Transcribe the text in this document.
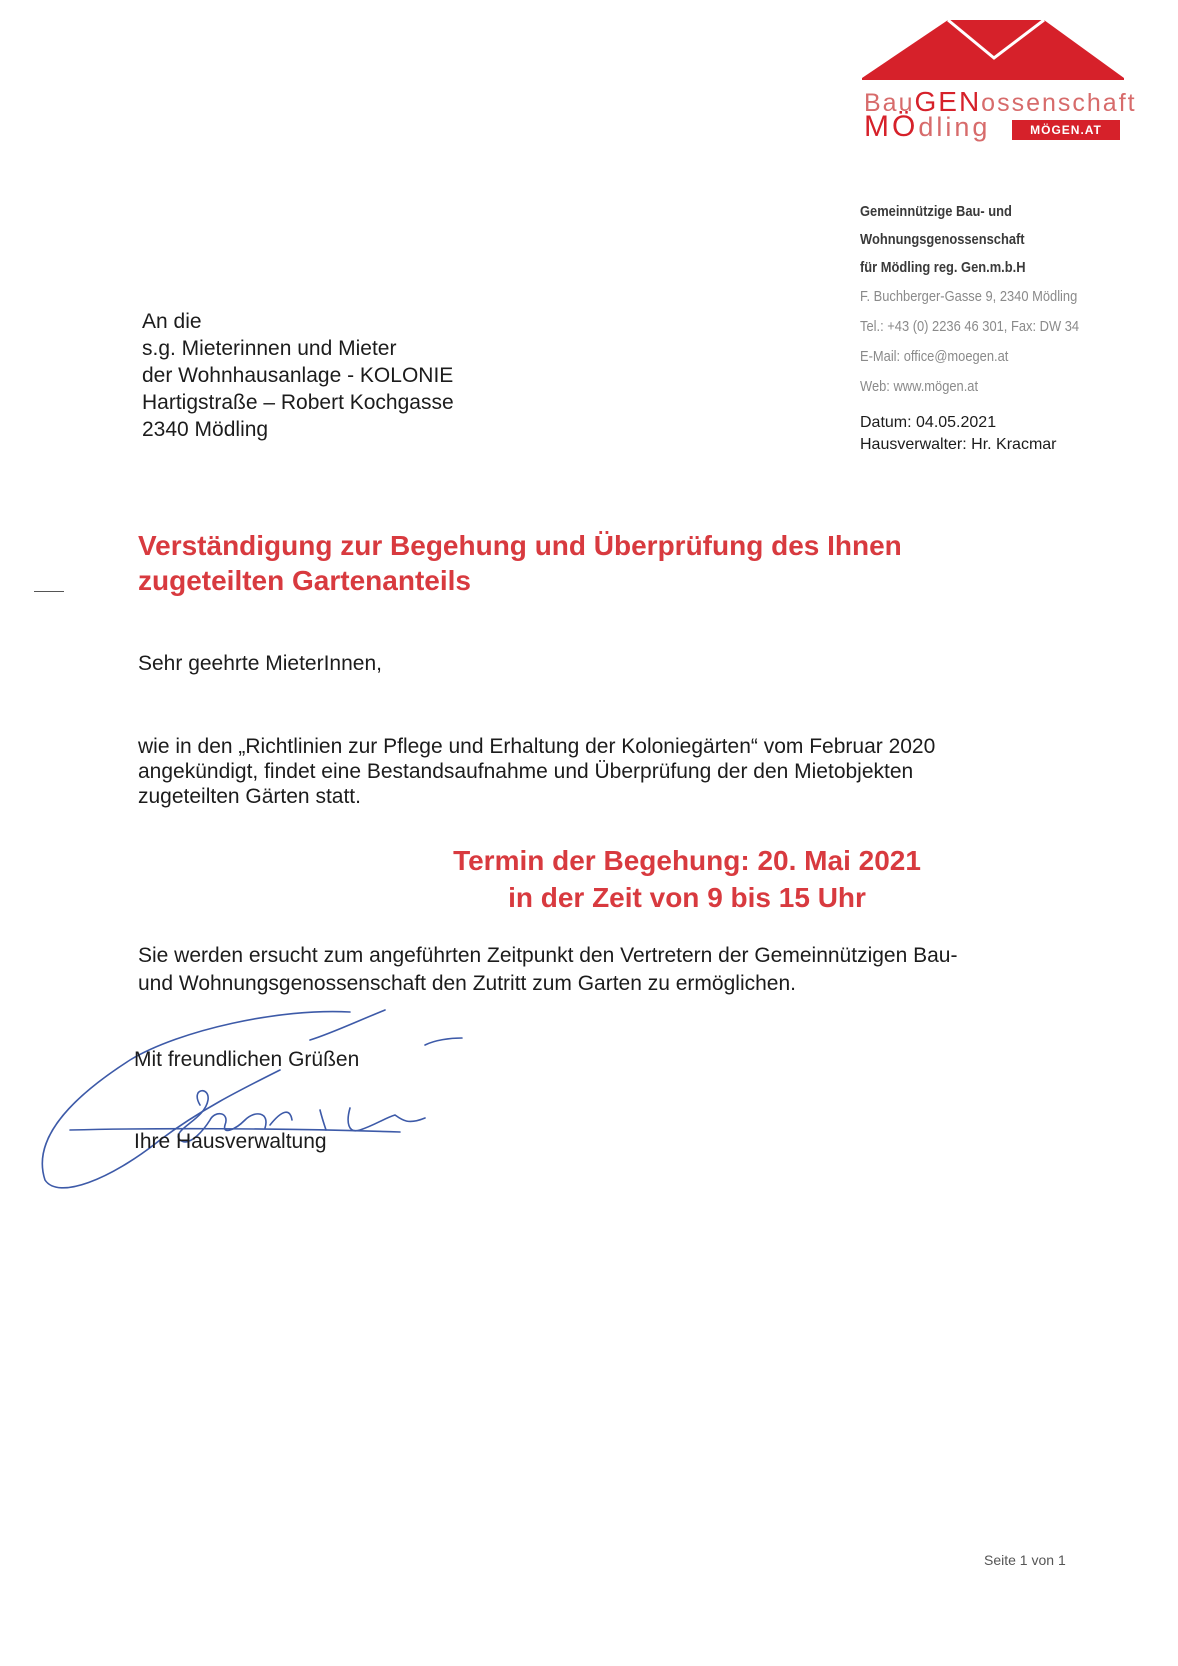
BauGENossenschaft
MÖdling	MÖGEN.AT
Gemeinnützige Bau- und
Wohnungsgenossenschaft
für Mödling reg. Gen.m.b.H
F. Buchberger-Gasse 9, 2340 Mödling
Tel.: +43 (0) 2236 46 301, Fax: DW 34
E-Mail: office@moegen.at
Web: www.mögen.at
Datum: 04.05.2021
Hausverwalter: Hr. Kracmar
An die
s.g. Mieterinnen und Mieter
der Wohnhausanlage - KOLONIE
Hartigstraße – Robert Kochgasse
2340 Mödling
Verständigung zur Begehung und Überprüfung des Ihnen
zugeteilten Gartenanteils
Sehr geehrte MieterInnen,
wie in den „Richtlinien zur Pflege und Erhaltung der Koloniegärten“ vom Februar 2020
angekündigt, findet eine Bestandsaufnahme und Überprüfung der den Mietobjekten
zugeteilten Gärten statt.
Termin der Begehung: 20. Mai 2021
in der Zeit von 9 bis 15 Uhr
Sie werden ersucht zum angeführten Zeitpunkt den Vertretern der Gemeinnützigen Bau-
und Wohnungsgenossenschaft den Zutritt zum Garten zu ermöglichen.
Mit freundlichen Grüßen
Ihre Hausverwaltung
Seite 1 von 1
